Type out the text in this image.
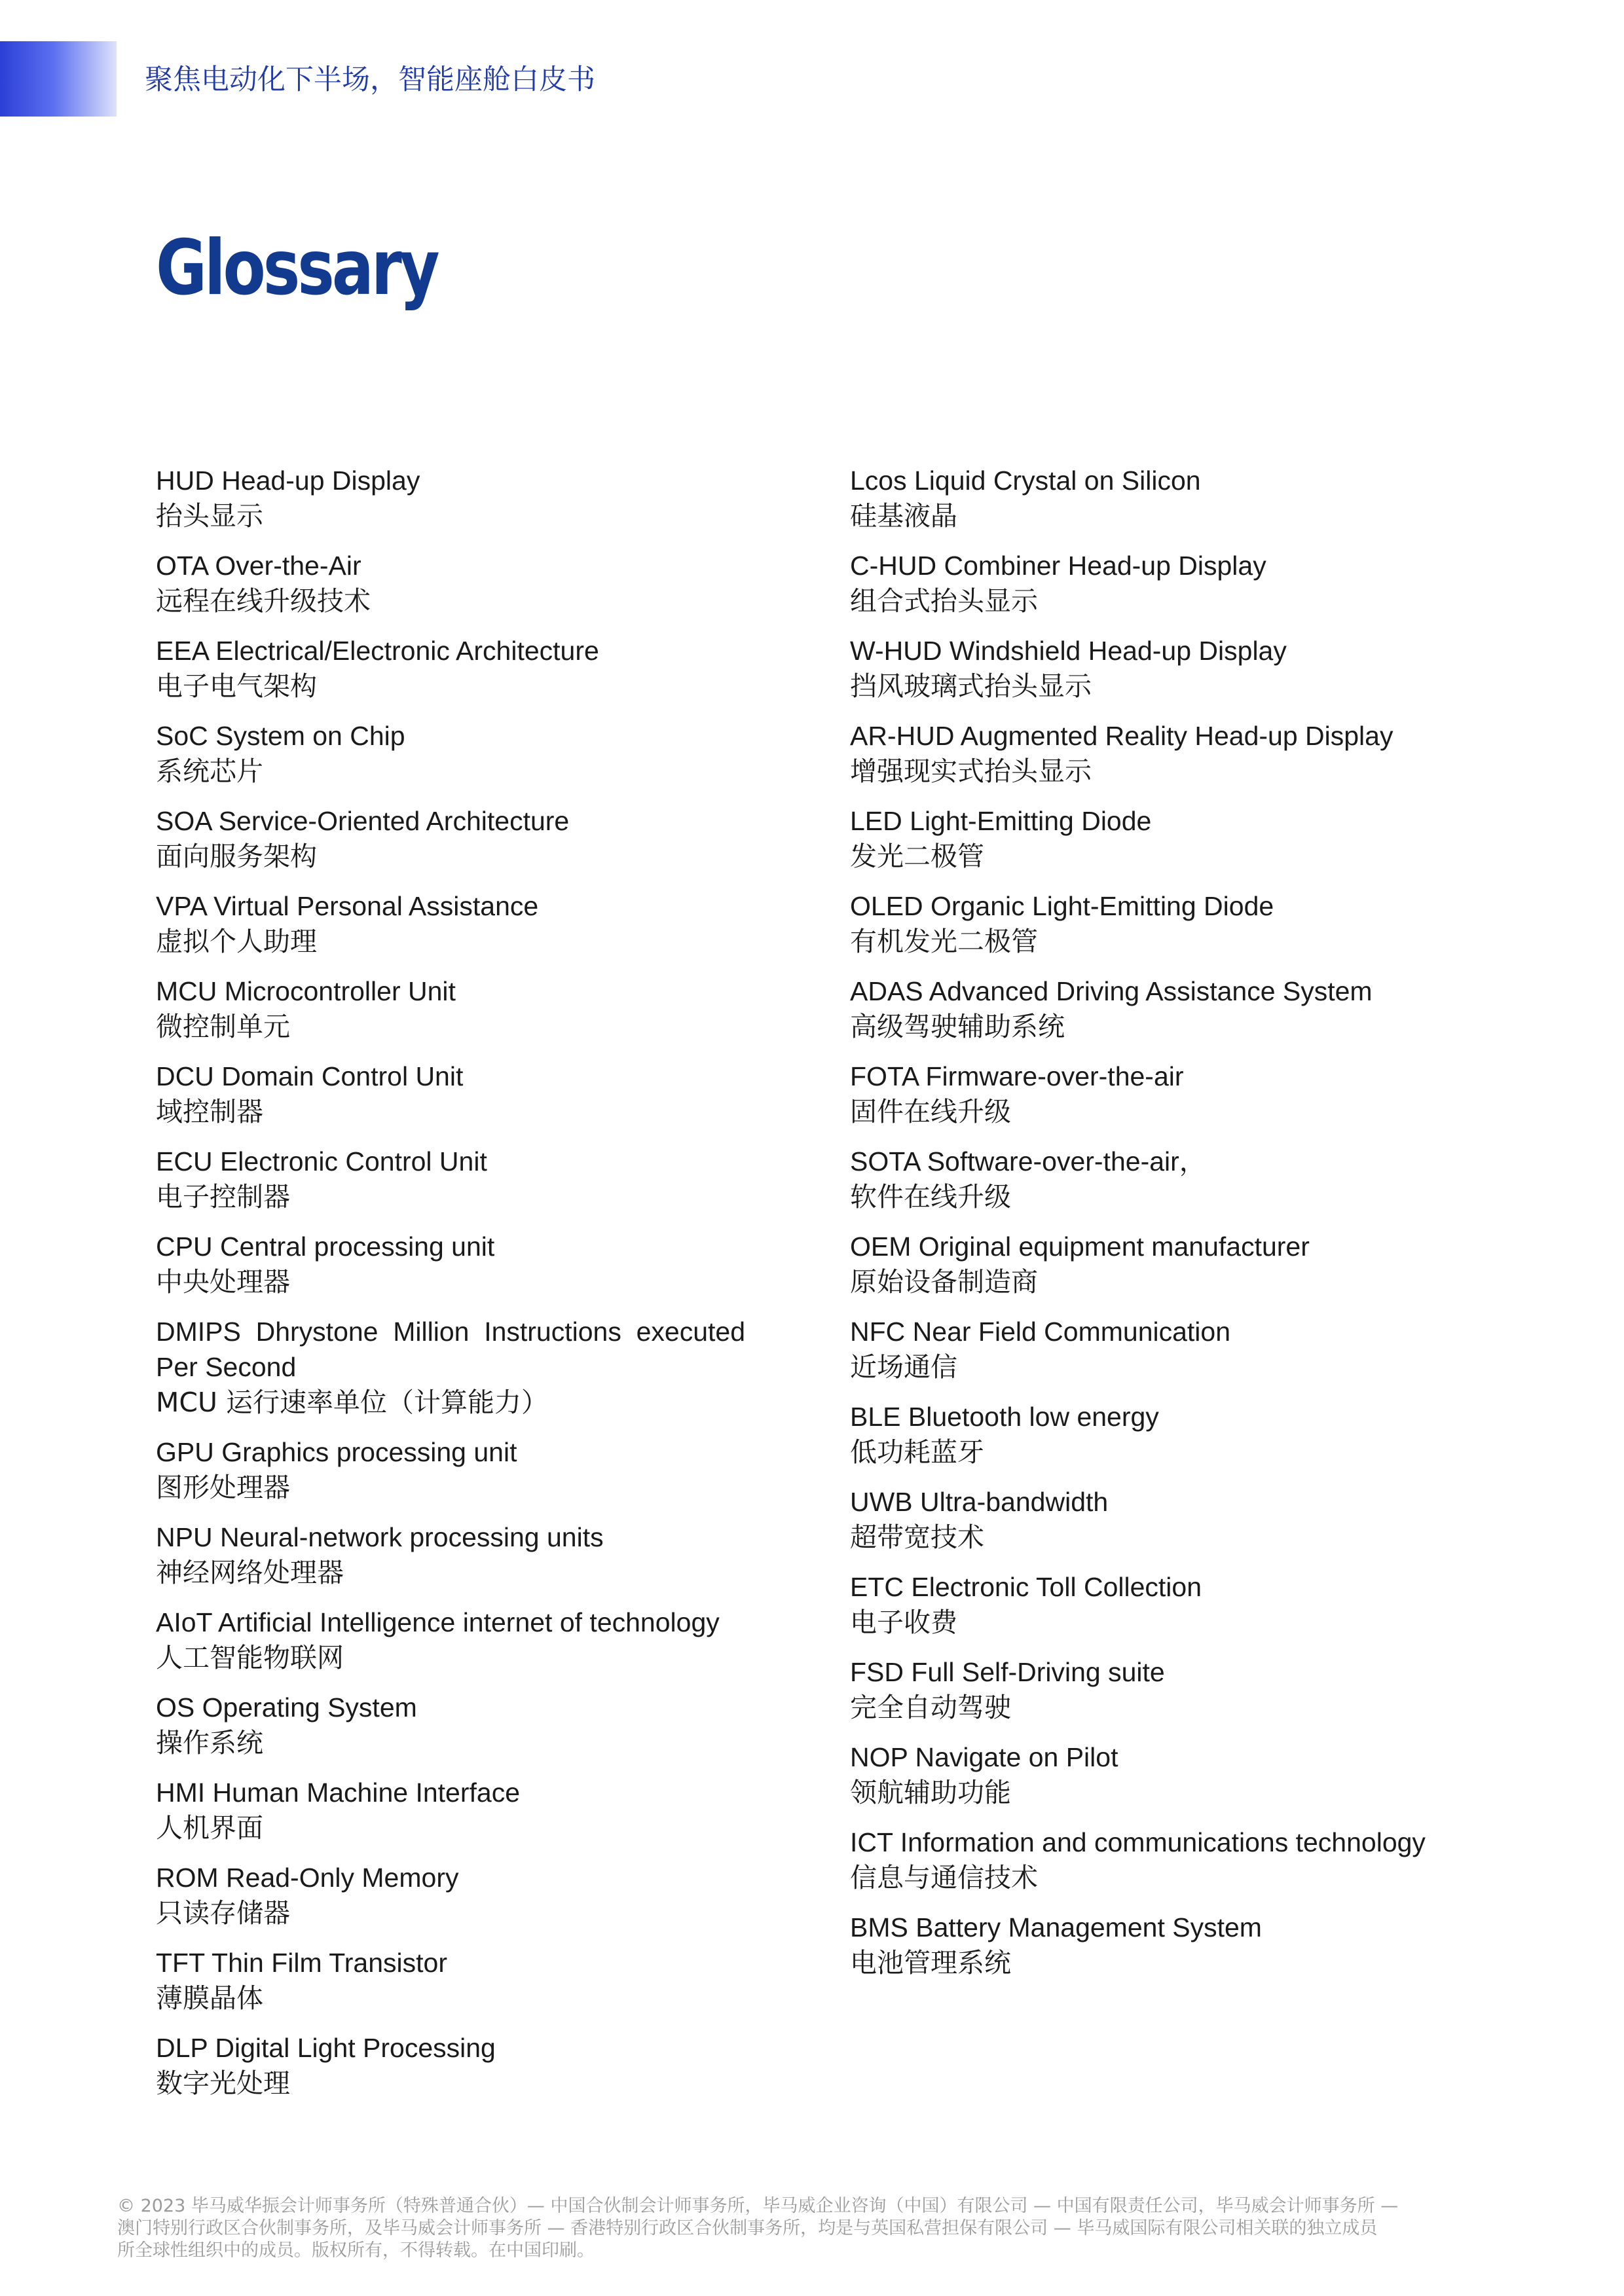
聚焦电动化下半场，智能座舱白皮书
Glossary
HUD Head-up Display
抬头显示
OTA Over-the-Air
远程在线升级技术
EEA Electrical/Electronic Architecture
电子电气架构
SoC System on Chip
系统芯片
SOA Service-Oriented Architecture
面向服务架构
VPA Virtual Personal Assistance
虚拟个人助理
MCU Microcontroller Unit
微控制单元
DCU Domain Control Unit
域控制器
ECU Electronic Control Unit
电子控制器
CPU Central processing unit
中央处理器
DMIPS Dhrystone Million Instructions executed
Per Second
MCU 运行速率单位（计算能力）
GPU Graphics processing unit
图形处理器
NPU Neural-network processing units
神经网络处理器
AIoT Artificial Intelligence internet of technology
人工智能物联网
OS Operating System
操作系统
HMI Human Machine Interface
人机界面
ROM Read-Only Memory
只读存储器
TFT Thin Film Transistor
薄膜晶体
DLP Digital Light Processing
数字光处理
Lcos Liquid Crystal on Silicon
硅基液晶
C-HUD Combiner Head-up Display
组合式抬头显示
W-HUD Windshield Head-up Display
挡风玻璃式抬头显示
AR-HUD Augmented Reality Head-up Display
增强现实式抬头显示
LED Light-Emitting Diode
发光二极管
OLED Organic Light-Emitting Diode
有机发光二极管
ADAS Advanced Driving Assistance System
高级驾驶辅助系统
FOTA Firmware-over-the-air
固件在线升级
SOTA Software-over-the-air，
软件在线升级
OEM Original equipment manufacturer
原始设备制造商
NFC Near Field Communication
近场通信
BLE Bluetooth low energy
低功耗蓝牙
UWB Ultra-bandwidth
超带宽技术
ETC Electronic Toll Collection
电子收费
FSD Full Self-Driving suite
完全自动驾驶
NOP Navigate on Pilot
领航辅助功能
ICT Information and communications technology
信息与通信技术
BMS Battery Management System
电池管理系统
© 2023 毕马威华振会计师事务所（特殊普通合伙）— 中国合伙制会计师事务所，毕马威企业咨询（中国）有限公司 — 中国有限责任公司，毕马威会计师事务所 —
澳门特别行政区合伙制事务所，及毕马威会计师事务所 — 香港特别行政区合伙制事务所，均是与英国私营担保有限公司 — 毕马威国际有限公司相关联的独立成员
所全球性组织中的成员。版权所有，不得转载。在中国印刷。
